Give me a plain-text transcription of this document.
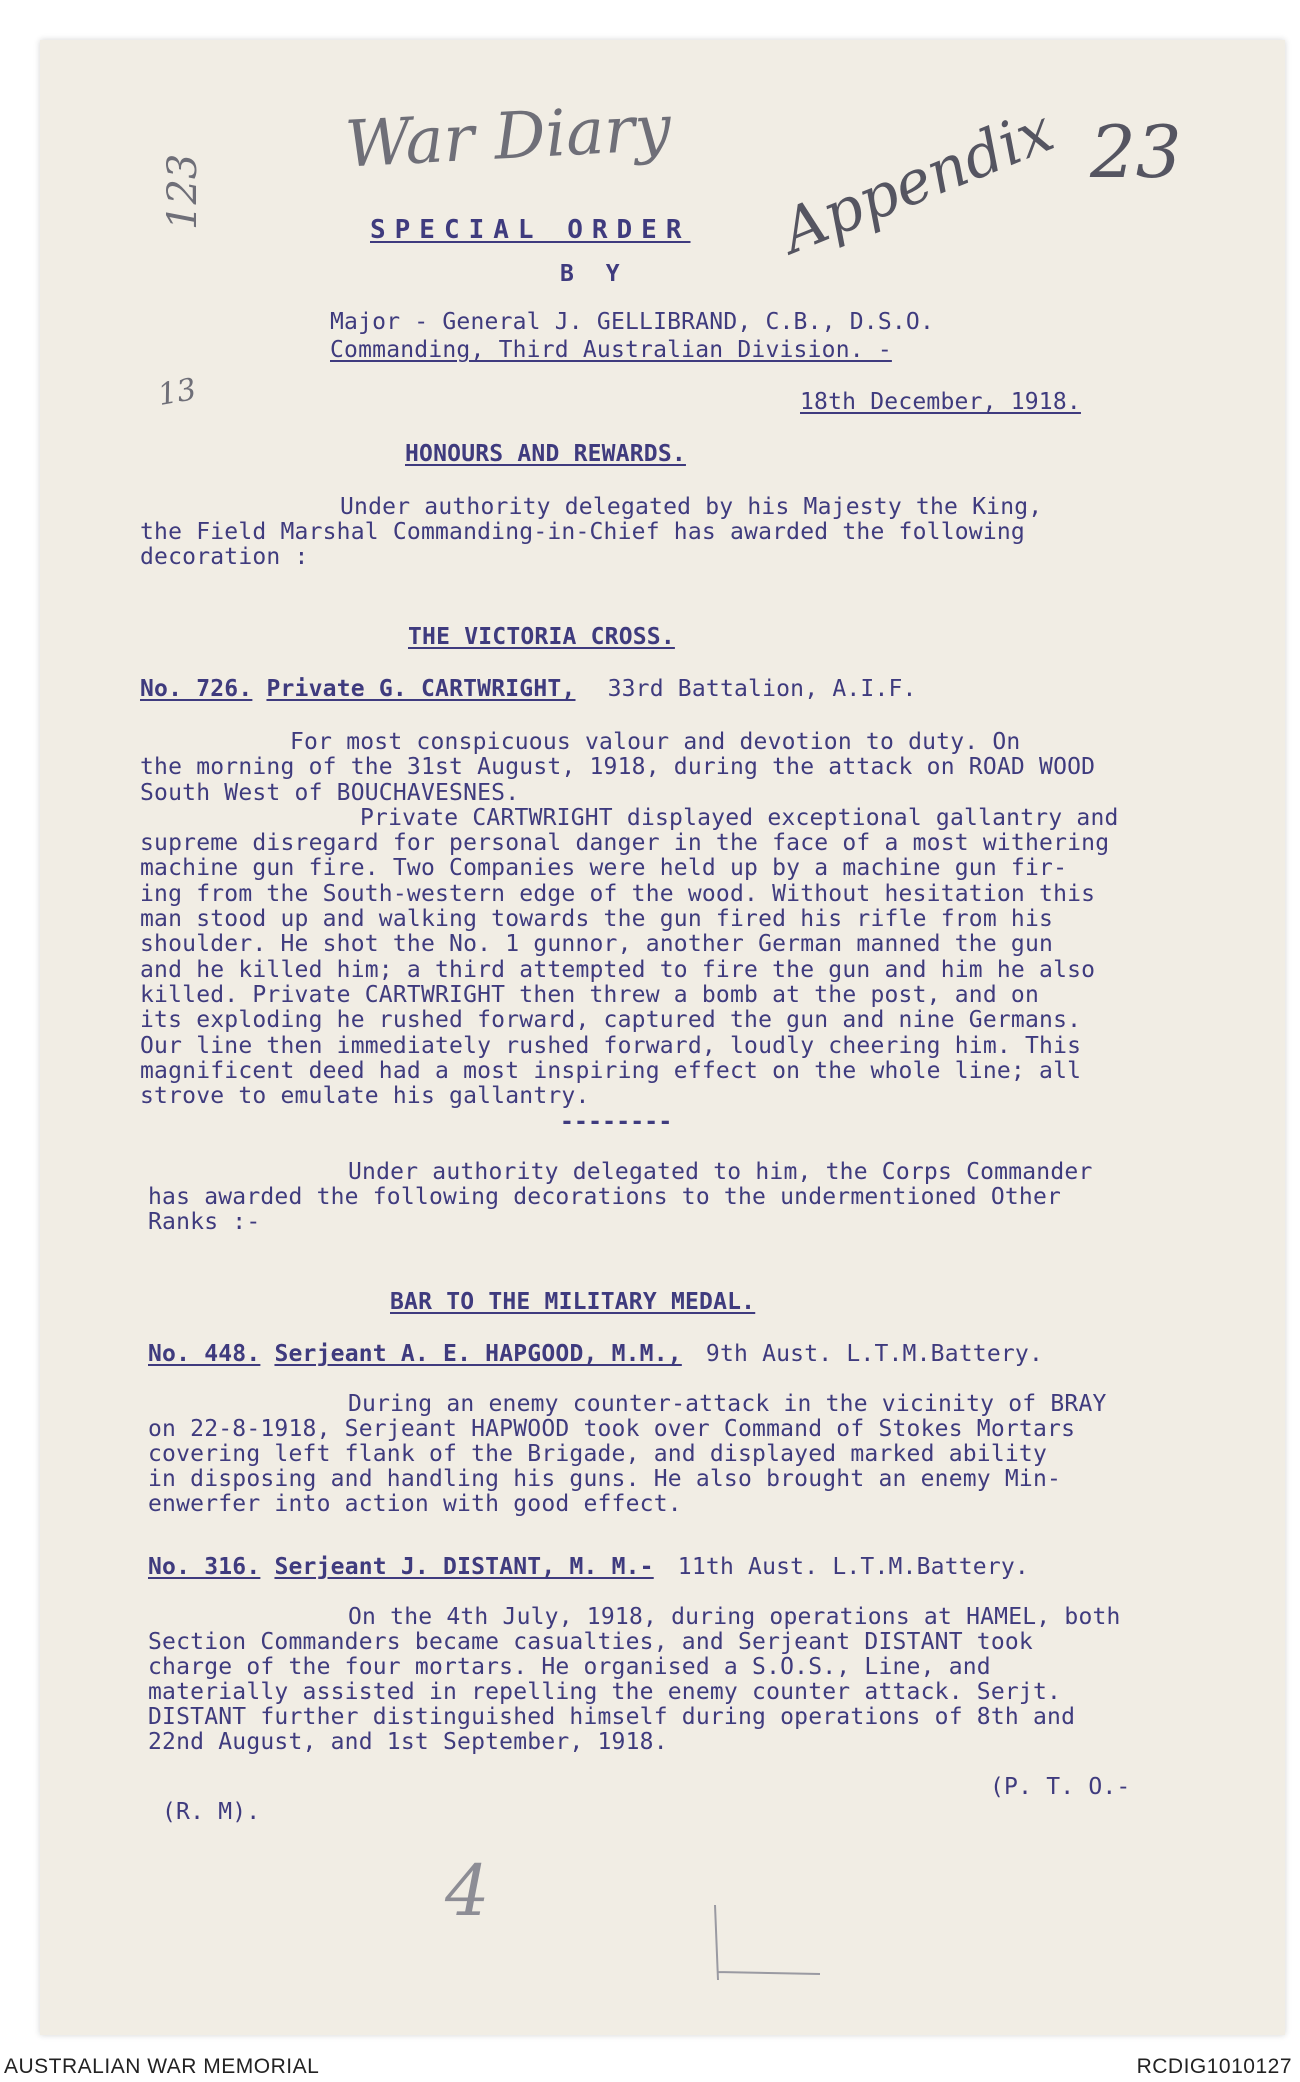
War Diary	23
Appendix
123
13
4
SPECIAL ORDER
B Y
Major - General J. GELLIBRAND, C.B., D.S.O.
Commanding, Third Australian Division. -
18th December, 1918.
HONOURS AND REWARDS.
Under authority delegated by his Majesty the King,
the Field Marshal Commanding-in-Chief has awarded the following
decoration :
THE VICTORIA CROSS.
No. 726. Private G. CARTWRIGHT, 33rd Battalion, A.I.F.
For most conspicuous valour and devotion to duty. On
the morning of the 31st August, 1918, during the attack on ROAD WOOD
South West of BOUCHAVESNES.
Private CARTWRIGHT displayed exceptional gallantry and
supreme disregard for personal danger in the face of a most withering
machine gun fire. Two Companies were held up by a machine gun fir-
ing from the South-western edge of the wood. Without hesitation this
man stood up and walking towards the gun fired his rifle from his
shoulder. He shot the No. 1 gunnor, another German manned the gun
and he killed him; a third attempted to fire the gun and him he also
killed. Private CARTWRIGHT then threw a bomb at the post, and on
its exploding he rushed forward, captured the gun and nine Germans.
Our line then immediately rushed forward, loudly cheering him. This
magnificent deed had a most inspiring effect on the whole line; all
strove to emulate his gallantry.
--------
Under authority delegated to him, the Corps Commander
has awarded the following decorations to the undermentioned Other
Ranks :-
BAR TO THE MILITARY MEDAL.
No. 448. Serjeant A. E. HAPGOOD, M.M., 9th Aust. L.T.M.Battery.
During an enemy counter-attack in the vicinity of BRAY
on 22-8-1918, Serjeant HAPWOOD took over Command of Stokes Mortars
covering left flank of the Brigade, and displayed marked ability
in disposing and handling his guns. He also brought an enemy Min-
enwerfer into action with good effect.
No. 316. Serjeant J. DISTANT, M. M.- 11th Aust. L.T.M.Battery.
On the 4th July, 1918, during operations at HAMEL, both
Section Commanders became casualties, and Serjeant DISTANT took
charge of the four mortars. He organised a S.O.S., Line, and
materially assisted in repelling the enemy counter attack. Serjt.
DISTANT further distinguished himself during operations of 8th and
22nd August, and 1st September, 1918.
(P. T. O.-
(R. M).
AUSTRALIAN WAR MEMORIAL	RCDIG1010127
